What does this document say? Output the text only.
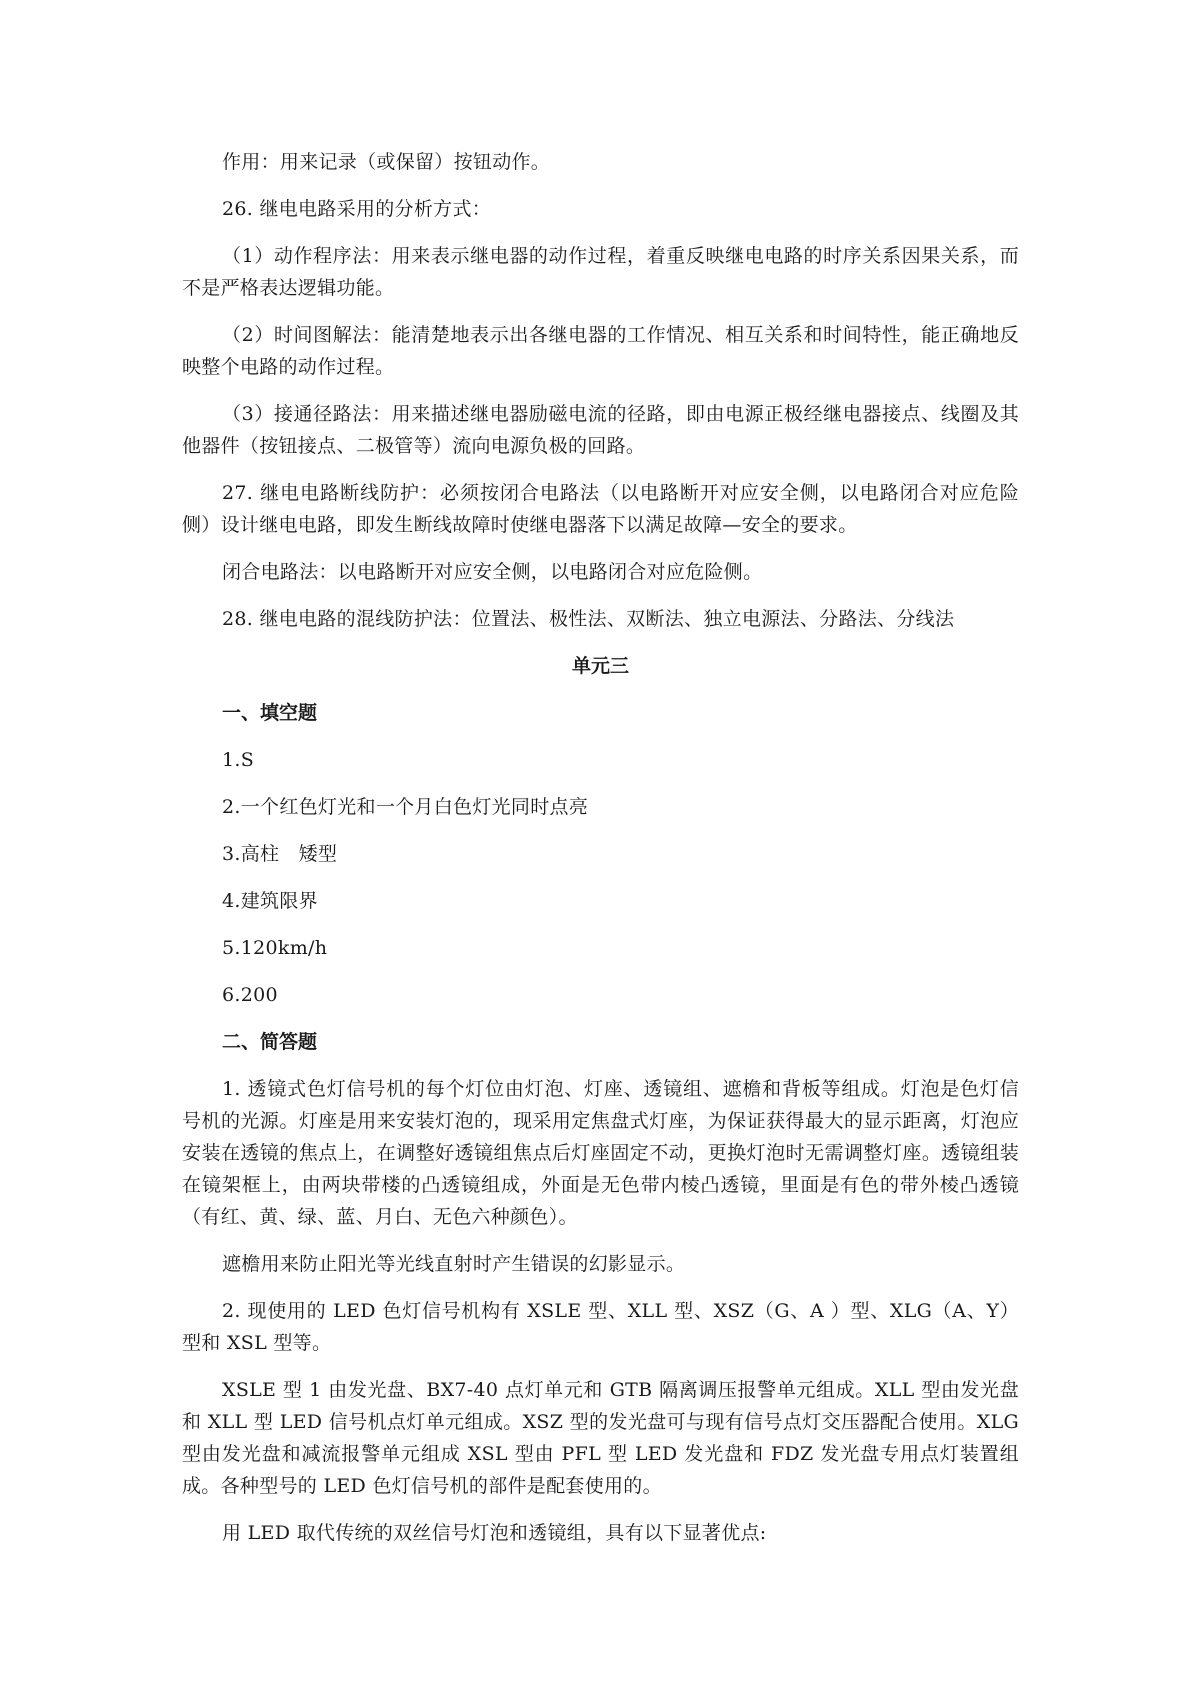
作用：用来记录（或保留）按钮动作。

26. 继电电路采用的分析方式：

（1）动作程序法：用来表示继电器的动作过程，着重反映继电电路的时序关系因果关系，而不是严格表达逻辑功能。

（2）时间图解法：能清楚地表示出各继电器的工作情况、相互关系和时间特性，能正确地反映整个电路的动作过程。

（3）接通径路法：用来描述继电器励磁电流的径路，即由电源正极经继电器接点、线圈及其他器件（按钮接点、二极管等）流向电源负极的回路。

27. 继电电路断线防护：必须按闭合电路法（以电路断开对应安全侧，以电路闭合对应危险侧）设计继电电路，即发生断线故障时使继电器落下以满足故障—安全的要求。

闭合电路法：以电路断开对应安全侧，以电路闭合对应危险侧。

28. 继电电路的混线防护法：位置法、极性法、双断法、独立电源法、分路法、分线法

单元三
一、填空题
1.S
2.一个红色灯光和一个月白色灯光同时点亮
3.高柱　矮型
4.建筑限界
5.120km/h
6.200
二、简答题

1. 透镜式色灯信号机的每个灯位由灯泡、灯座、透镜组、遮檐和背板等组成。灯泡是色灯信号机的光源。灯座是用来安装灯泡的，现采用定焦盘式灯座，为保证获得最大的显示距离，灯泡应安装在透镜的焦点上，在调整好透镜组焦点后灯座固定不动，更换灯泡时无需调整灯座。透镜组装在镜架框上，由两块带楼的凸透镜组成，外面是无色带内棱凸透镜，里面是有色的带外棱凸透镜（有红、黄、绿、蓝、月白、无色六种颜色）。

遮檐用来防止阳光等光线直射时产生错误的幻影显示。

2. 现使用的 LED 色灯信号机构有 XSLE 型、XLL 型、XSZ（G、A ）型、XLG（A、Y）型和 XSL 型等。

XSLE 型 1 由发光盘、BX7-40 点灯单元和 GTB 隔离调压报警单元组成。XLL 型由发光盘和 XLL 型 LED 信号机点灯单元组成。XSZ 型的发光盘可与现有信号点灯交压器配合使用。XLG 型由发光盘和减流报警单元组成 XSL 型由 PFL 型 LED 发光盘和 FDZ 发光盘专用点灯装置组成。各种型号的 LED 色灯信号机的部件是配套使用的。

用 LED 取代传统的双丝信号灯泡和透镜组，具有以下显著优点:
